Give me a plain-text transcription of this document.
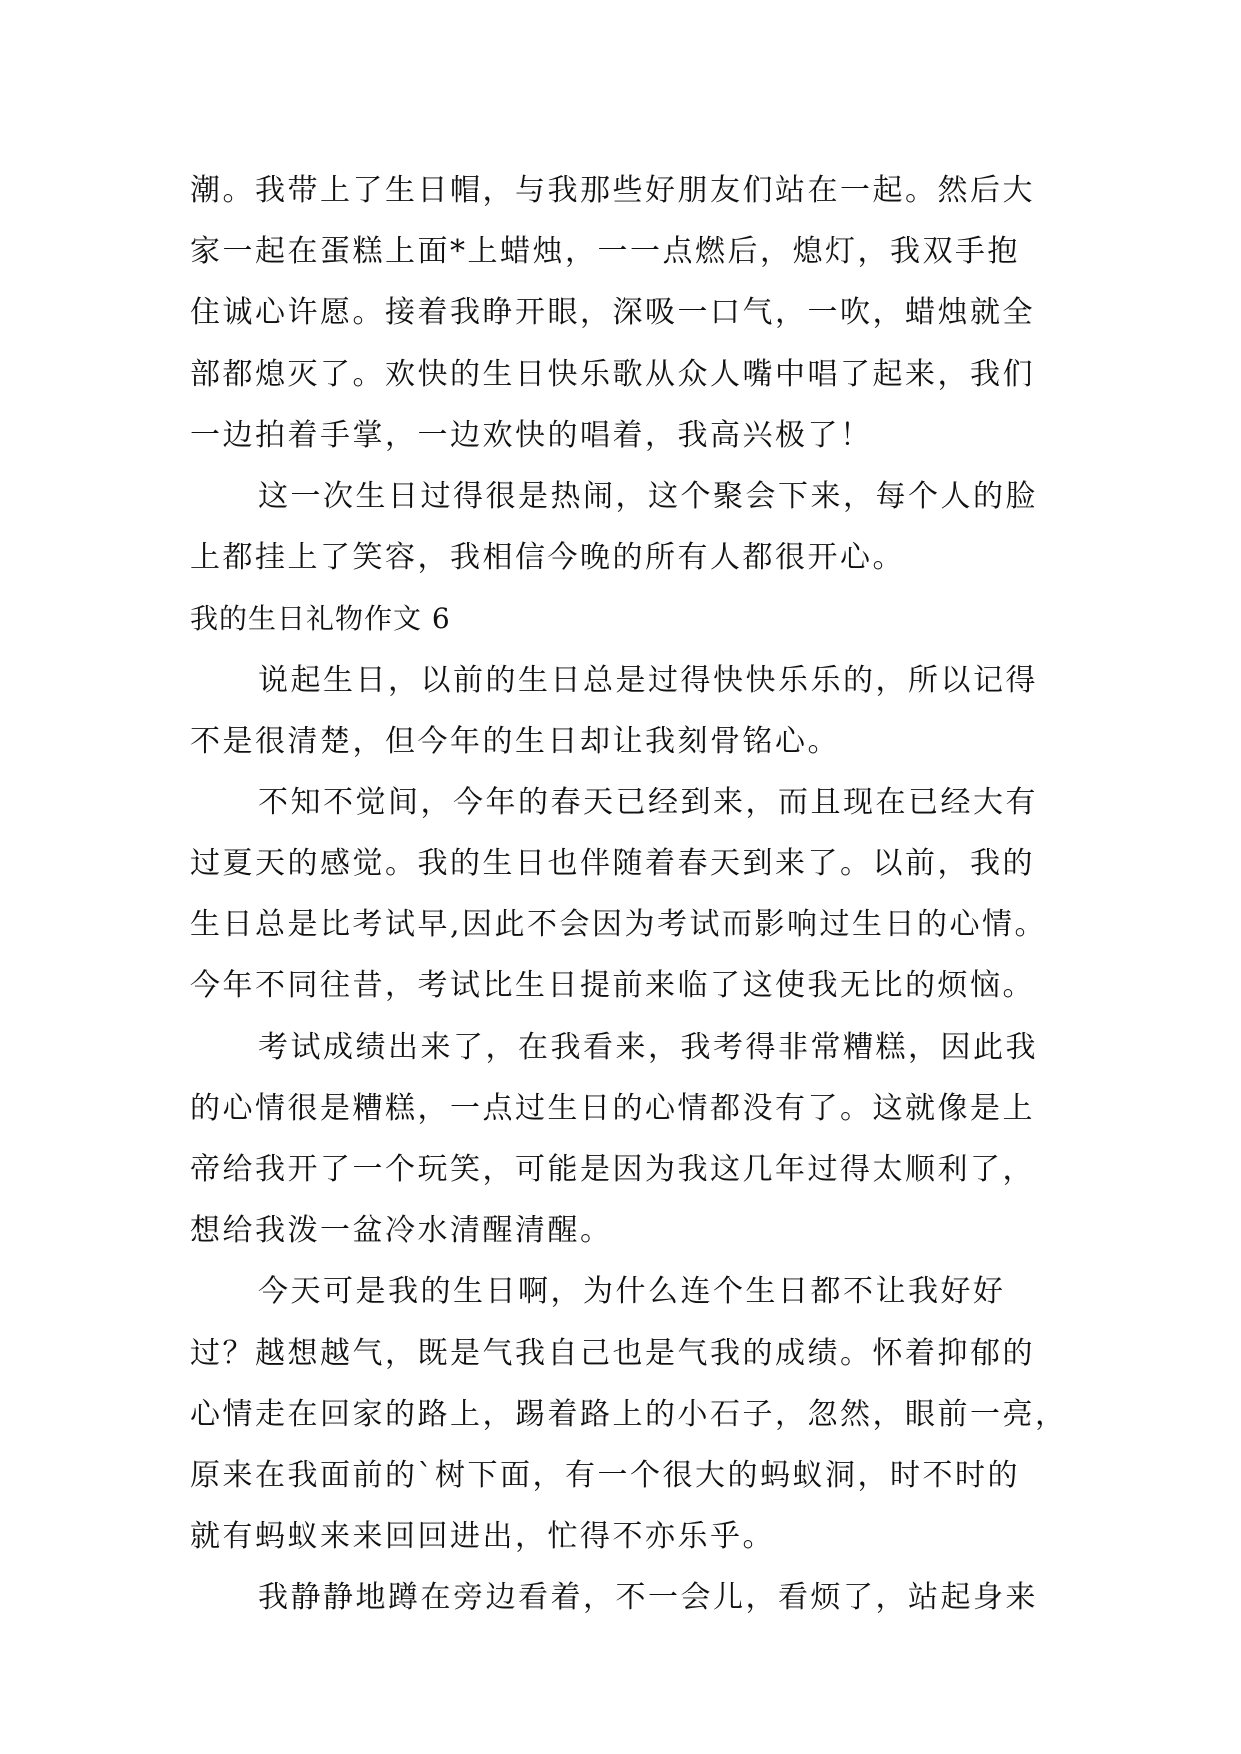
潮。我带上了生日帽，与我那些好朋友们站在一起。然后大
家一起在蛋糕上面*上蜡烛，一一点燃后，熄灯，我双手抱
住诚心许愿。接着我睁开眼，深吸一口气，一吹，蜡烛就全
部都熄灭了。欢快的生日快乐歌从众人嘴中唱了起来，我们
一边拍着手掌，一边欢快的唱着，我高兴极了！
这一次生日过得很是热闹，这个聚会下来，每个人的脸
上都挂上了笑容，我相信今晚的所有人都很开心。
我的生日礼物作文 6
说起生日，以前的生日总是过得快快乐乐的，所以记得
不是很清楚，但今年的生日却让我刻骨铭心。
不知不觉间，今年的春天已经到来，而且现在已经大有
过夏天的感觉。我的生日也伴随着春天到来了。以前，我的
生日总是比考试早,因此不会因为考试而影响过生日的心情。
今年不同往昔，考试比生日提前来临了这使我无比的烦恼。
考试成绩出来了，在我看来，我考得非常糟糕，因此我
的心情很是糟糕，一点过生日的心情都没有了。这就像是上
帝给我开了一个玩笑，可能是因为我这几年过得太顺利了，
想给我泼一盆冷水清醒清醒。
今天可是我的生日啊，为什么连个生日都不让我好好
过？越想越气，既是气我自己也是气我的成绩。怀着抑郁的
心情走在回家的路上，踢着路上的小石子，忽然，眼前一亮，
原来在我面前的`树下面，有一个很大的蚂蚁洞，时不时的
就有蚂蚁来来回回进出，忙得不亦乐乎。
我静静地蹲在旁边看着，不一会儿，看烦了，站起身来
